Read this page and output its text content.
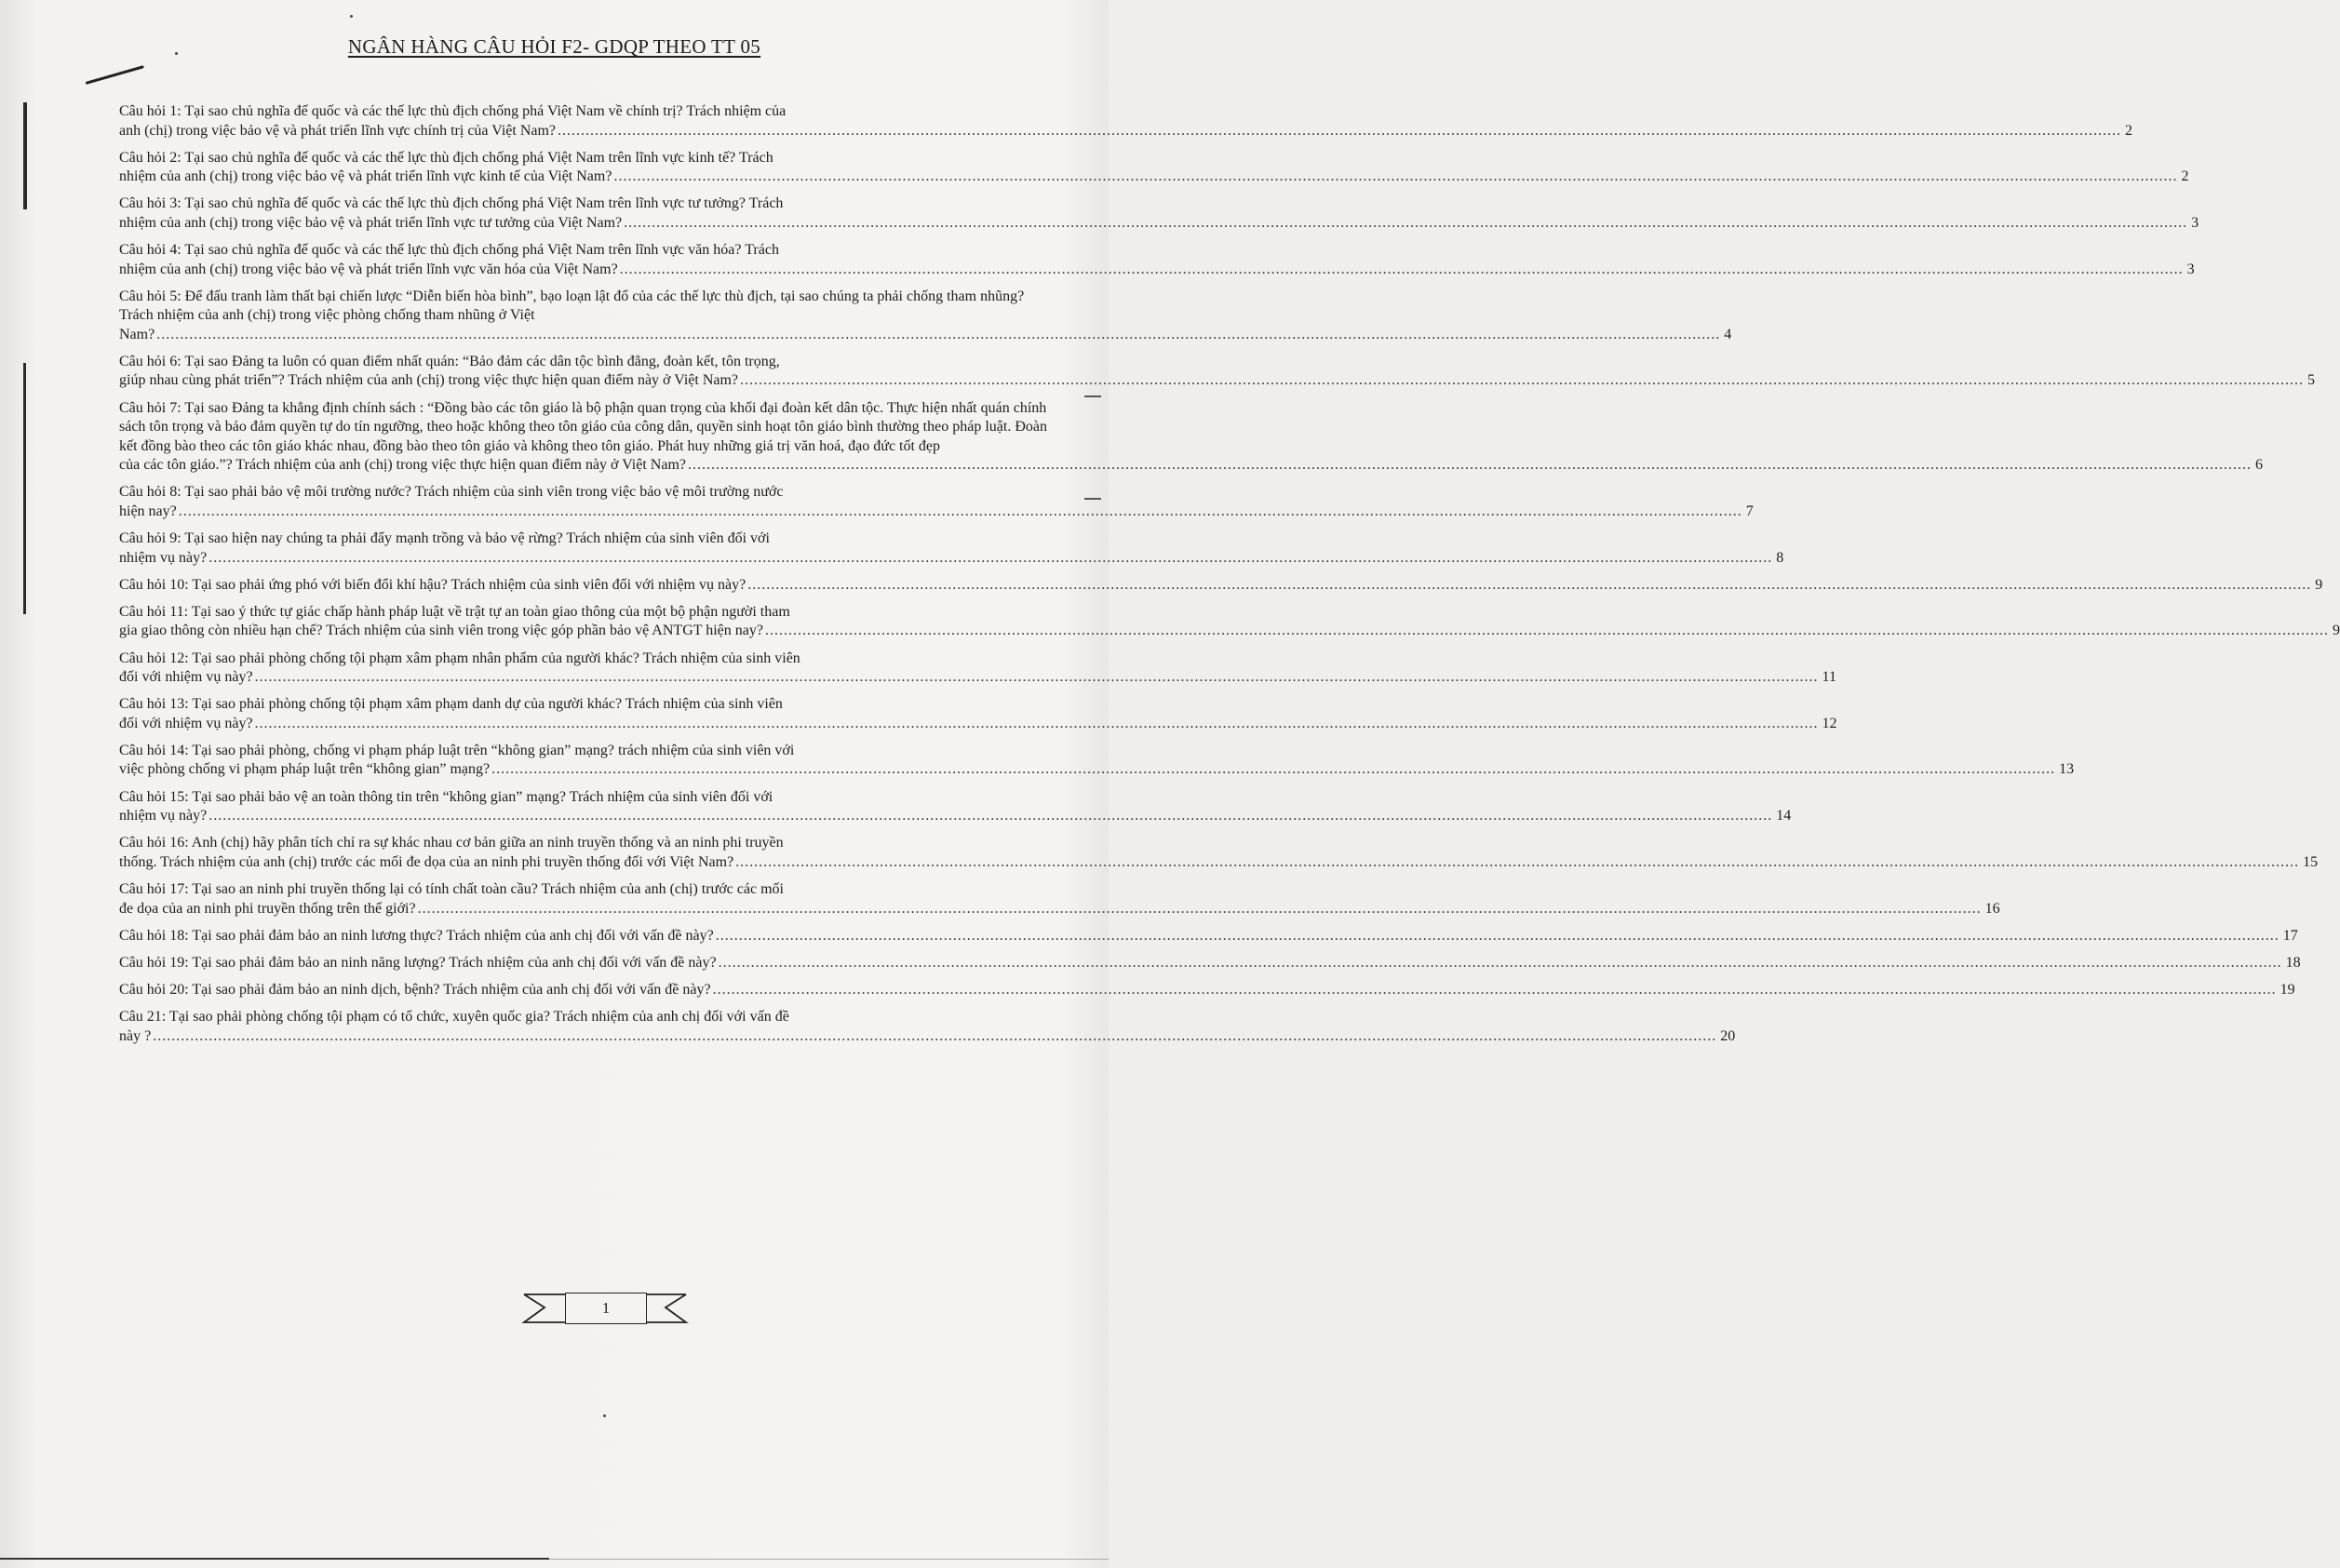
NGÂN HÀNG CÂU HỎI F2- GDQP THEO TT 05
Câu hỏi 1: Tại sao chủ nghĩa đế quốc và các thế lực thù địch chống phá Việt Nam về chính trị? Trách nhiệm của
anh (chị) trong việc bảo vệ và phát triển lĩnh vực chính trị của Việt Nam? .....	2
Câu hỏi 2: Tại sao chủ nghĩa đế quốc và các thế lực thù địch chống phá Việt Nam trên lĩnh vực kinh tế? Trách
nhiệm của anh (chị) trong việc bảo vệ và phát triển lĩnh vực kinh tế của Việt Nam? .....	2
Câu hỏi 3: Tại sao chủ nghĩa đế quốc và các thế lực thù địch chống phá Việt Nam trên lĩnh vực tư tưởng? Trách
nhiệm của anh (chị) trong việc bảo vệ và phát triển lĩnh vực tư tưởng của Việt Nam? .....	3
Câu hỏi 4: Tại sao chủ nghĩa đế quốc và các thế lực thù địch chống phá Việt Nam trên lĩnh vực văn hóa? Trách
nhiệm của anh (chị) trong việc bảo vệ và phát triển lĩnh vực văn hóa của Việt Nam? .....	3
Câu hỏi 5: Để đấu tranh làm thất bại chiến lược “Diễn biến hòa bình”, bạo loạn lật đổ của các thế lực thù địch, tại sao chúng ta phải chống tham nhũng? Trách nhiệm của anh (chị) trong việc phòng chống tham nhũng ở Việt
Nam? .....	4
Câu hỏi 6: Tại sao Đảng ta luôn có quan điểm nhất quán: “Bảo đảm các dân tộc bình đẳng, đoàn kết, tôn trọng,
giúp nhau cùng phát triển”? Trách nhiệm của anh (chị) trong việc thực hiện quan điểm này ở Việt Nam? .....	5
Câu hỏi 7: Tại sao Đảng ta khẳng định chính sách : “Đồng bào các tôn giáo là bộ phận quan trọng của khối đại đoàn kết dân tộc. Thực hiện nhất quán chính sách tôn trọng và bảo đảm quyền tự do tín ngưỡng, theo hoặc không theo tôn giáo của công dân, quyền sinh hoạt tôn giáo bình thường theo pháp luật. Đoàn kết đồng bào theo các tôn giáo khác nhau, đồng bào theo tôn giáo và không theo tôn giáo. Phát huy những giá trị văn hoá, đạo đức tốt đẹp
của các tôn giáo.”? Trách nhiệm của anh (chị) trong việc thực hiện quan điểm này ở Việt Nam? .....	6
Câu hỏi 8: Tại sao phải bảo vệ môi trường nước? Trách nhiệm của sinh viên trong việc bảo vệ môi trường nước
hiện nay? .....	7
Câu hỏi 9: Tại sao hiện nay chúng ta phải đẩy mạnh trồng và bảo vệ rừng? Trách nhiệm của sinh viên đối với
nhiệm vụ này? .....	8
Câu hỏi 10: Tại sao phải ứng phó với biến đổi khí hậu? Trách nhiệm của sinh viên đối với nhiệm vụ này? .....	9
Câu hỏi 11: Tại sao ý thức tự giác chấp hành pháp luật về trật tự an toàn giao thông của một bộ phận người tham
gia giao thông còn nhiều hạn chế? Trách nhiệm của sinh viên trong việc góp phần bảo vệ ANTGT hiện nay? .....	9
Câu hỏi 12: Tại sao phải phòng chống tội phạm xâm phạm nhân phẩm của người khác? Trách nhiệm của sinh viên
đối với nhiệm vụ này? .....	11
Câu hỏi 13: Tại sao phải phòng chống tội phạm xâm phạm danh dự của người khác? Trách nhiệm của sinh viên
đối với nhiệm vụ này? .....	12
Câu hỏi 14: Tại sao phải phòng, chống vi phạm pháp luật trên “không gian” mạng? trách nhiệm của sinh viên với
việc phòng chống vi phạm pháp luật trên “không gian” mạng? .....	13
Câu hỏi 15: Tại sao phải bảo vệ an toàn thông tin trên “không gian” mạng? Trách nhiệm của sinh viên đối với
nhiệm vụ này? .....	14
Câu hỏi 16: Anh (chị) hãy phân tích chỉ ra sự khác nhau cơ bản giữa an ninh truyền thống và an ninh phi truyền
thống. Trách nhiệm của anh (chị) trước các mối đe dọa của an ninh phi truyền thống đối với Việt Nam? .....	15
Câu hỏi 17: Tại sao an ninh phi truyền thống lại có tính chất toàn cầu? Trách nhiệm của anh (chị) trước các mối
đe dọa của an ninh phi truyền thống trên thế giới? .....	16
Câu hỏi 18: Tại sao phải đảm bảo an ninh lương thực? Trách nhiệm của anh chị đối với vấn đề này? .....	17
Câu hỏi 19: Tại sao phải đảm bảo an ninh năng lượng? Trách nhiệm của anh chị đối với vấn đề này? .....	18
Câu hỏi 20: Tại sao phải đảm bảo an ninh dịch, bệnh? Trách nhiệm của anh chị đối với vấn đề này? .....	19
Câu 21: Tại sao phải phòng chống tội phạm có tổ chức, xuyên quốc gia? Trách nhiệm của anh chị đối với vấn đề
này ? .....	20
1
